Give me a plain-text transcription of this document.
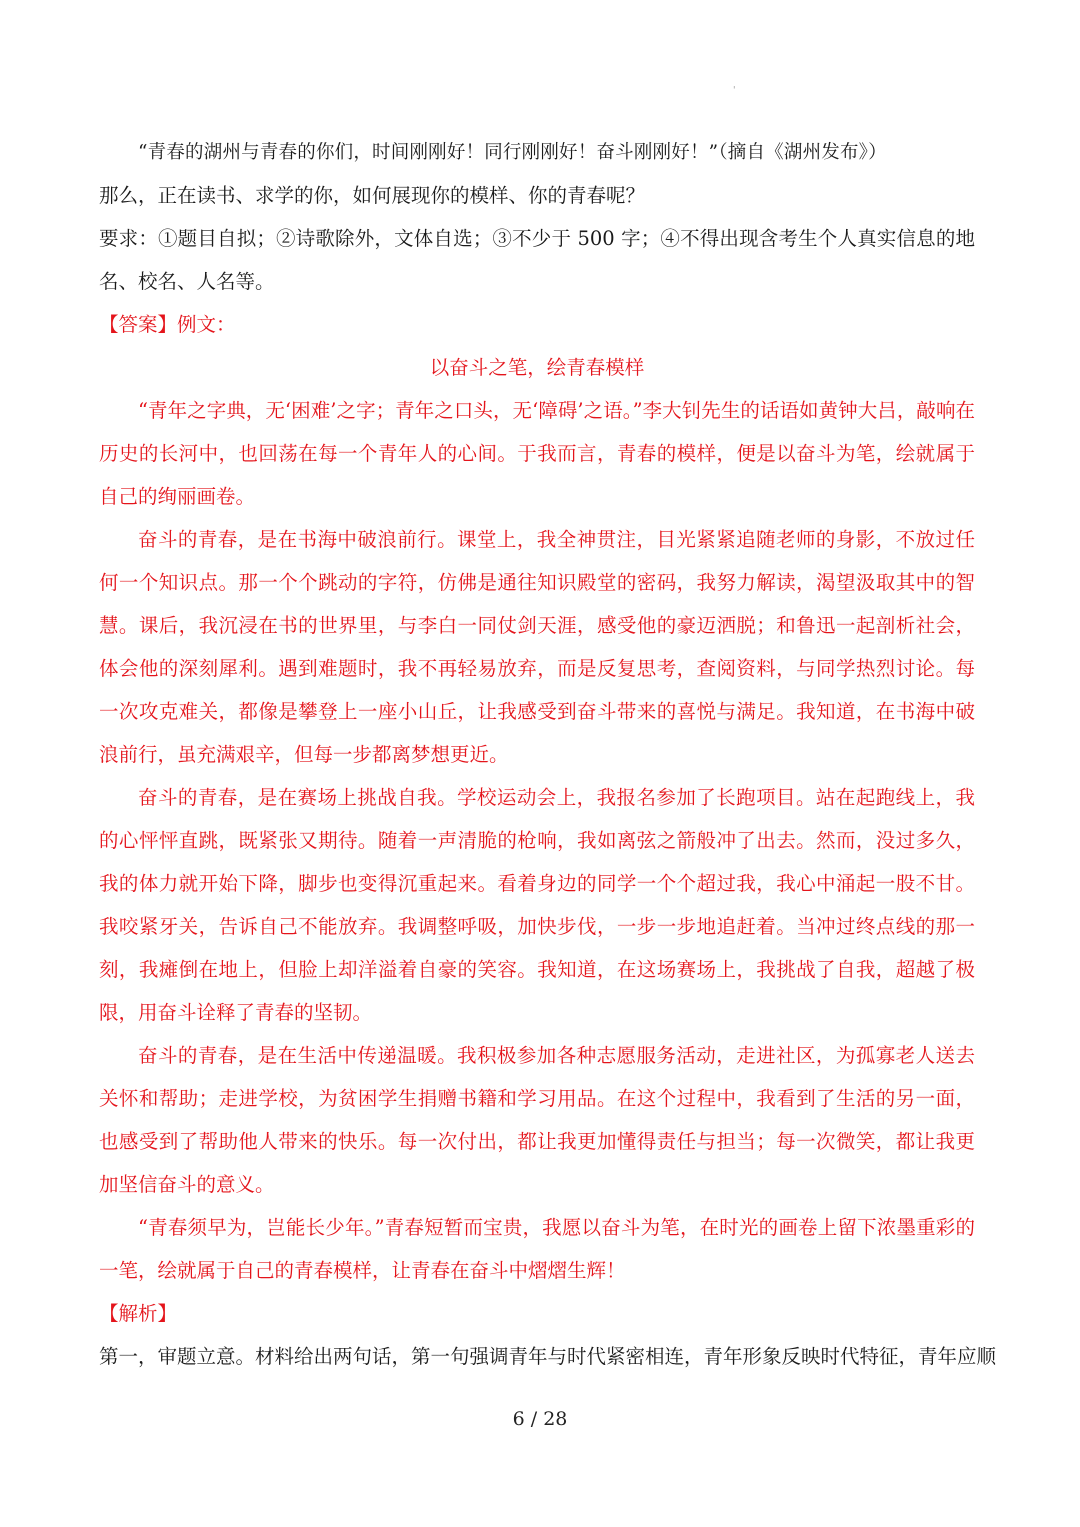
'

“青春的湖州与青春的你们，时间刚刚好！同行刚刚好！奋斗刚刚好！”（摘自《湖州发布》）

那么，正在读书、求学的你，如何展现你的模样、你的青春呢？

要求：①题目自拟；②诗歌除外，文体自选；③不少于 500 字；④不得出现含考生个人真实信息的地名、校名、人名等。

【答案】例文：

以奋斗之笔，绘青春模样

“青年之字典，无‘困难’之字；青年之口头，无‘障碍’之语。”李大钊先生的话语如黄钟大吕，敲响在历史的长河中，也回荡在每一个青年人的心间。于我而言，青春的模样，便是以奋斗为笔，绘就属于自己的绚丽画卷。

奋斗的青春，是在书海中破浪前行。课堂上，我全神贯注，目光紧紧追随老师的身影，不放过任何一个知识点。那一个个跳动的字符，仿佛是通往知识殿堂的密码，我努力解读，渴望汲取其中的智慧。课后，我沉浸在书的世界里，与李白一同仗剑天涯，感受他的豪迈洒脱；和鲁迅一起剖析社会，体会他的深刻犀利。遇到难题时，我不再轻易放弃，而是反复思考，查阅资料，与同学热烈讨论。每一次攻克难关，都像是攀登上一座小山丘，让我感受到奋斗带来的喜悦与满足。我知道，在书海中破浪前行，虽充满艰辛，但每一步都离梦想更近。

奋斗的青春，是在赛场上挑战自我。学校运动会上，我报名参加了长跑项目。站在起跑线上，我的心怦怦直跳，既紧张又期待。随着一声清脆的枪响，我如离弦之箭般冲了出去。然而，没过多久，我的体力就开始下降，脚步也变得沉重起来。看着身边的同学一个个超过我，我心中涌起一股不甘。我咬紧牙关，告诉自己不能放弃。我调整呼吸，加快步伐，一步一步地追赶着。当冲过终点线的那一刻，我瘫倒在地上，但脸上却洋溢着自豪的笑容。我知道，在这场赛场上，我挑战了自我，超越了极限，用奋斗诠释了青春的坚韧。

奋斗的青春，是在生活中传递温暖。我积极参加各种志愿服务活动，走进社区，为孤寡老人送去关怀和帮助；走进学校，为贫困学生捐赠书籍和学习用品。在这个过程中，我看到了生活的另一面，也感受到了帮助他人带来的快乐。每一次付出，都让我更加懂得责任与担当；每一次微笑，都让我更加坚信奋斗的意义。

“青春须早为，岂能长少年。”青春短暂而宝贵，我愿以奋斗为笔，在时光的画卷上留下浓墨重彩的一笔，绘就属于自己的青春模样，让青春在奋斗中熠熠生辉！

【解析】

第一，审题立意。材料给出两句话，第一句强调青年与时代紧密相连，青年形象反映时代特征，青年应顺

6 / 28
